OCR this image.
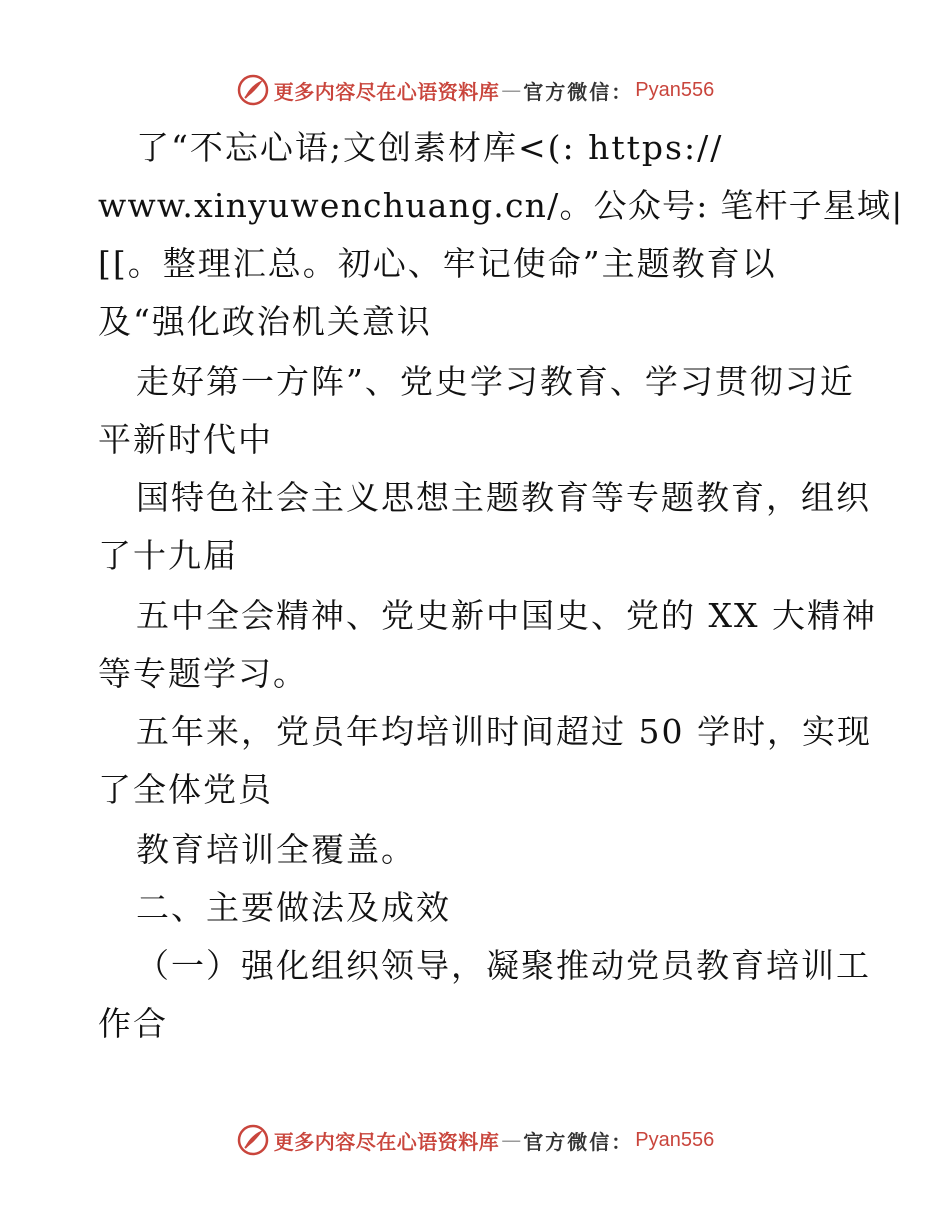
更多内容尽在心语资料库 — 官方微信： Pyan556
了“不忘心语;文创素材库<(: https://
www.xinyuwenchuang.cn/。公众号: 笔杆子星域|
[[。整理汇总。初心、牢记使命”主题教育以
及“强化政治机关意识
走好第一方阵”、党史学习教育、学习贯彻习近
平新时代中
国特色社会主义思想主题教育等专题教育，组织
了十九届
五中全会精神、党史新中国史、党的 XX 大精神
等专题学习。
五年来，党员年均培训时间超过 50 学时，实现
了全体党员
教育培训全覆盖。
二、主要做法及成效
（一）强化组织领导，凝聚推动党员教育培训工
作合
更多内容尽在心语资料库 — 官方微信： Pyan556
